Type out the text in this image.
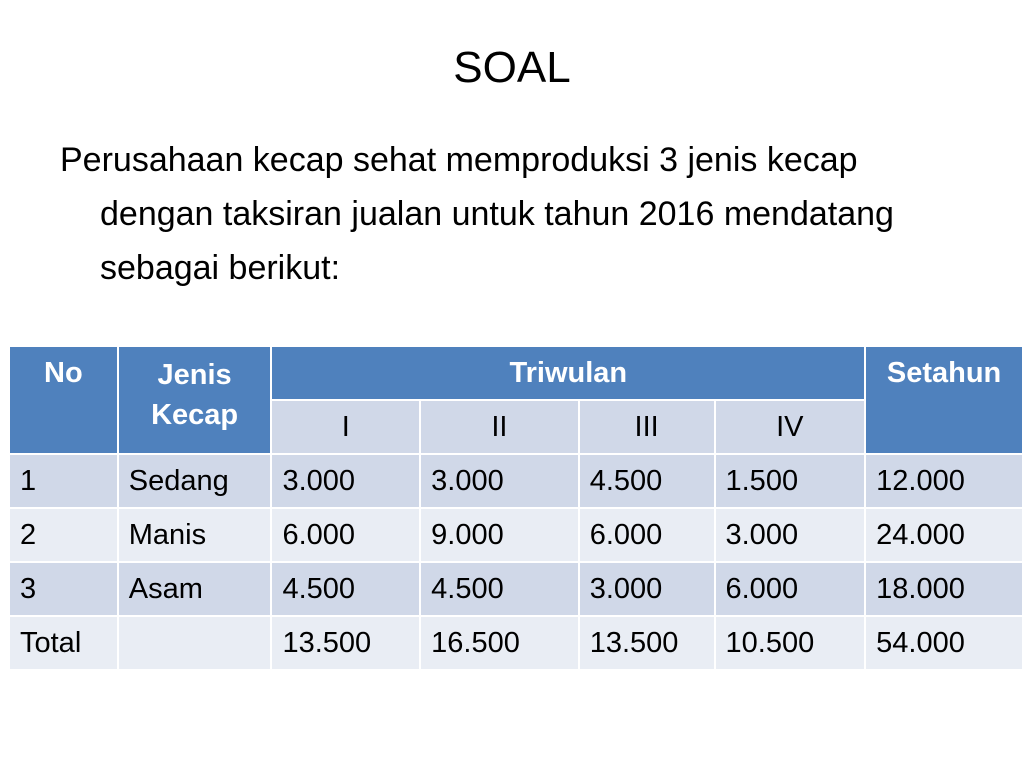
SOAL

Perusahaan kecap sehat memproduksi 3 jenis kecap dengan taksiran jualan untuk tahun 2016 mendatang sebagai berikut:

No	Jenis Kecap	Triwulan				Setahun
		I	II	III	IV	
1	Sedang	3.000	3.000	4.500	1.500	12.000
2	Manis	6.000	9.000	6.000	3.000	24.000
3	Asam	4.500	4.500	3.000	6.000	18.000
Total		13.500	16.500	13.500	10.500	54.000
